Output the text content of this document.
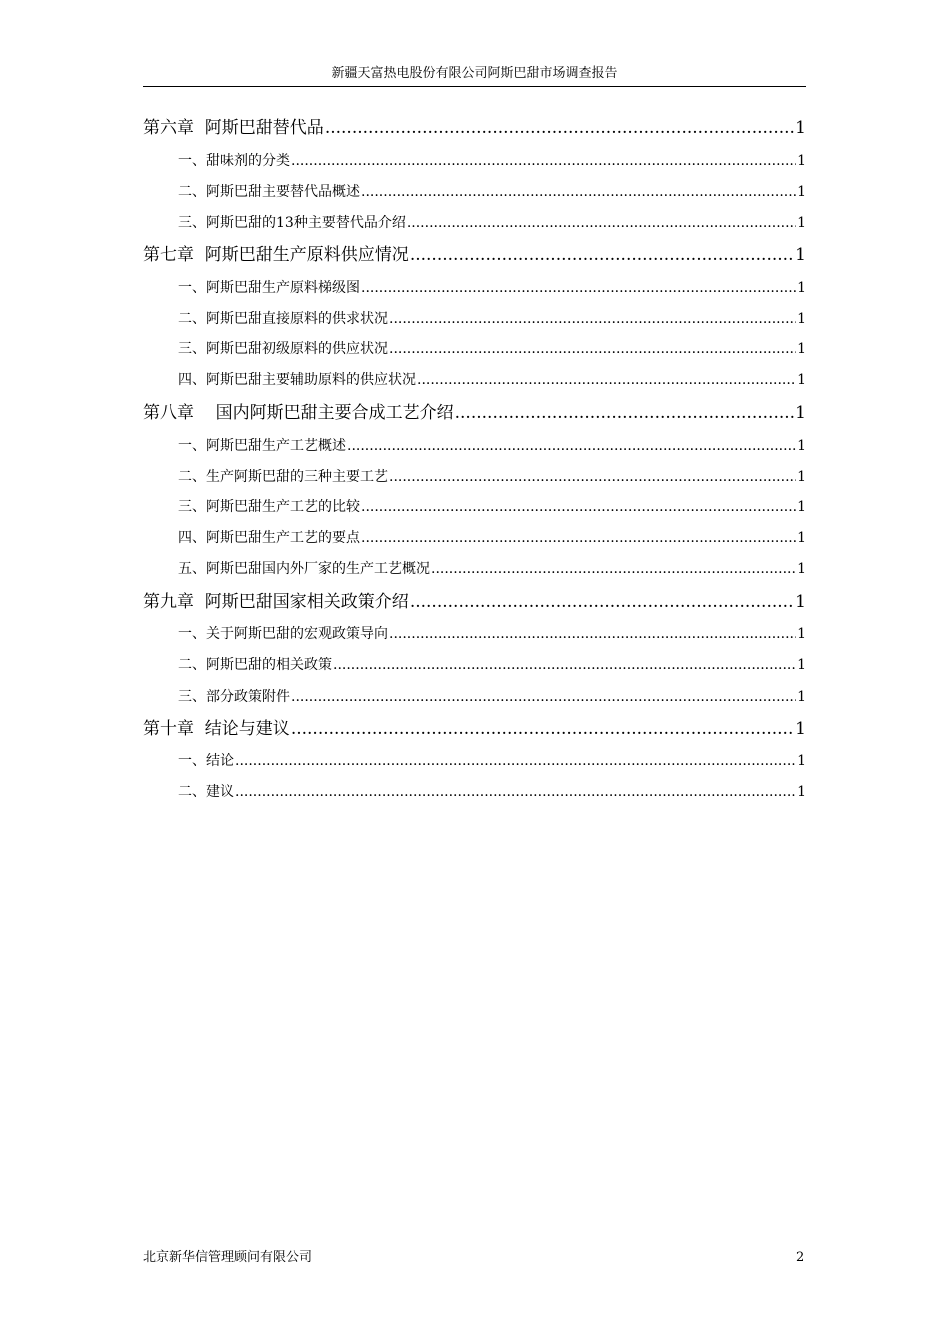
新疆天富热电股份有限公司阿斯巴甜市场调查报告
第六章  阿斯巴甜替代品 .....	1
一、甜味剂的分类 .....	1
二、阿斯巴甜主要替代品概述 .....	1
三、阿斯巴甜的13种主要替代品介绍 .....	1
第七章  阿斯巴甜生产原料供应情况 .....	1
一、阿斯巴甜生产原料梯级图 .....	1
二、阿斯巴甜直接原料的供求状况 .....	1
三、阿斯巴甜初级原料的供应状况 .....	1
四、阿斯巴甜主要辅助原料的供应状况 .....	1
第八章    国内阿斯巴甜主要合成工艺介绍 .....	1
一、阿斯巴甜生产工艺概述 .....	1
二、生产阿斯巴甜的三种主要工艺 .....	1
三、阿斯巴甜生产工艺的比较 .....	1
四、阿斯巴甜生产工艺的要点 .....	1
五、阿斯巴甜国内外厂家的生产工艺概况 .....	1
第九章  阿斯巴甜国家相关政策介绍 .....	1
一、关于阿斯巴甜的宏观政策导向 .....	1
二、阿斯巴甜的相关政策 .....	1
三、部分政策附件 .....	1
第十章  结论与建议 .....	1
一、结论 .....	1
二、建议 .....	1
北京新华信管理顾问有限公司	2
